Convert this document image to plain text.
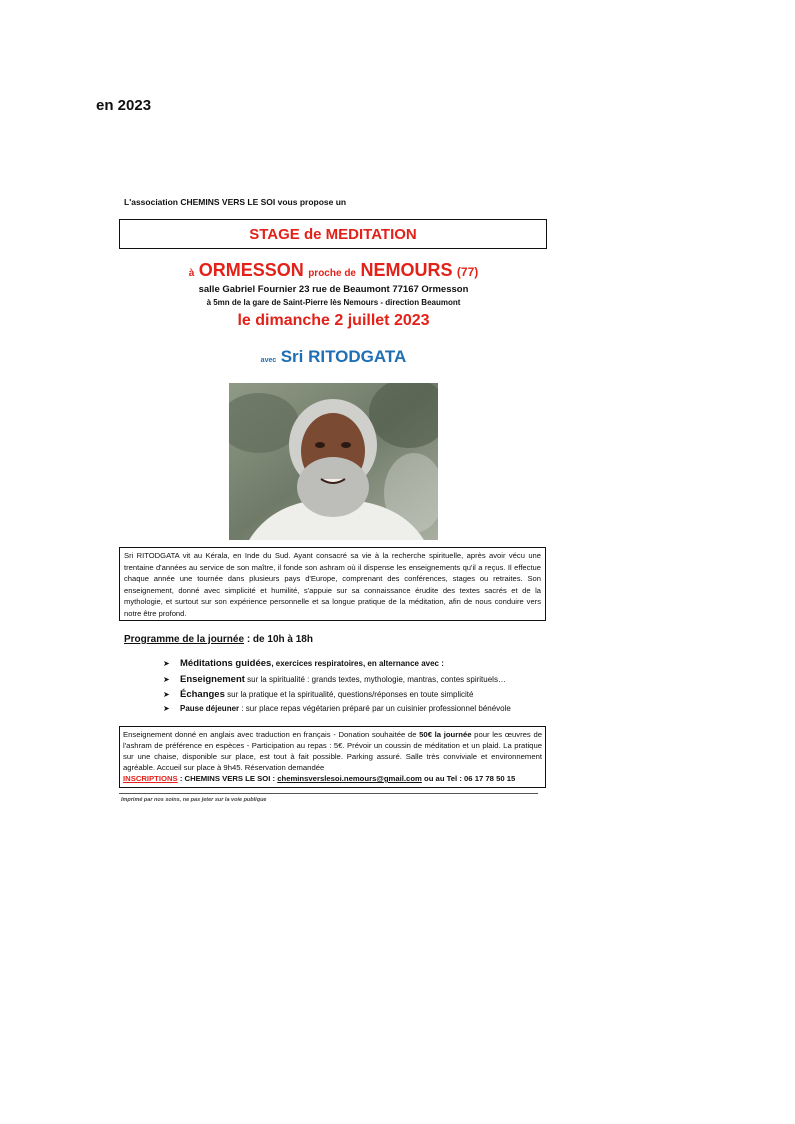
en 2023
L'association CHEMINS VERS LE SOI vous propose un
STAGE de MEDITATION
à ORMESSON proche de NEMOURS (77)
salle Gabriel Fournier 23 rue de Beaumont 77167 Ormesson
à 5mn de la gare de Saint-Pierre lès Nemours - direction Beaumont
le dimanche 2 juillet 2023
avec Sri RITODGATA
Sri RITODGATA vit au Kérala, en Inde du Sud. Ayant consacré sa vie à la recherche spirituelle, après avoir vécu une trentaine d'années au service de son maître, il fonde son ashram où il dispense les enseignements qu'il a reçus. Il effectue chaque année une tournée dans plusieurs pays d'Europe, comprenant des conférences, stages ou retraites. Son enseignement, donné avec simplicité et humilité, s'appuie sur sa connaissance érudite des textes sacrés et de la mythologie, et surtout sur son expérience personnelle et sa longue pratique de la méditation, afin de nous conduire vers notre être profond.
Programme de la journée : de 10h à 18h
➤ Méditations guidées, exercices respiratoires, en alternance avec :
➤ Enseignement sur la spiritualité : grands textes, mythologie, mantras, contes spirituels…
➤ Échanges sur la pratique et la spiritualité, questions/réponses en toute simplicité
➤ Pause déjeuner : sur place repas végétarien préparé par un cuisinier professionnel bénévole
Enseignement donné en anglais avec traduction en français - Donation souhaitée de 50€ la journée pour les œuvres de l'ashram de préférence en espèces - Participation au repas : 5€. Prévoir un coussin de méditation et un plaid. La pratique sur une chaise, disponible sur place, est tout à fait possible. Parking assuré. Salle très conviviale et environnement agréable. Accueil sur place à 9h45. Réservation demandée
INSCRIPTIONS : CHEMINS VERS LE SOI : cheminsverslesoi.nemours@gmail.com ou au Tel : 06 17 78 50 15
Imprimé par nos soins, ne pas jeter sur la voie publique
